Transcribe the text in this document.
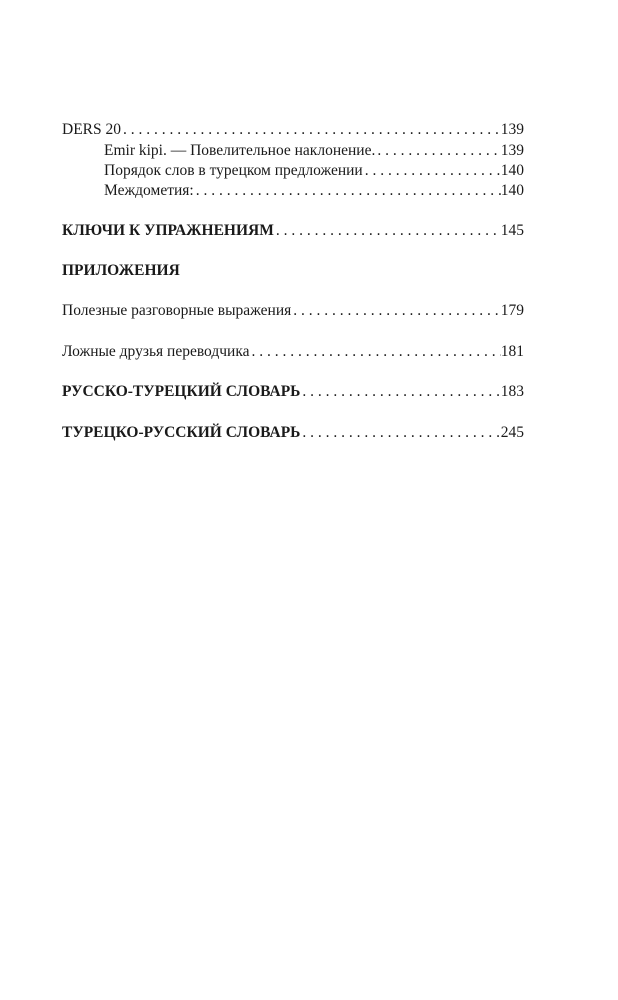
DERS 20 . . .	139
Emir kipi. — Повелительное наклонение. . . .	139
Порядок слов в турецком предложении . . .	140
Междометия: . . .	140
КЛЮЧИ К УПРАЖНЕНИЯМ . . .	145
ПРИЛОЖЕНИЯ
Полезные разговорные выражения . . .	179
Ложные друзья переводчика . . .	181
РУССКО-ТУРЕЦКИЙ СЛОВАРЬ . . .	183
ТУРЕЦКО-РУССКИЙ СЛОВАРЬ . . .	245
